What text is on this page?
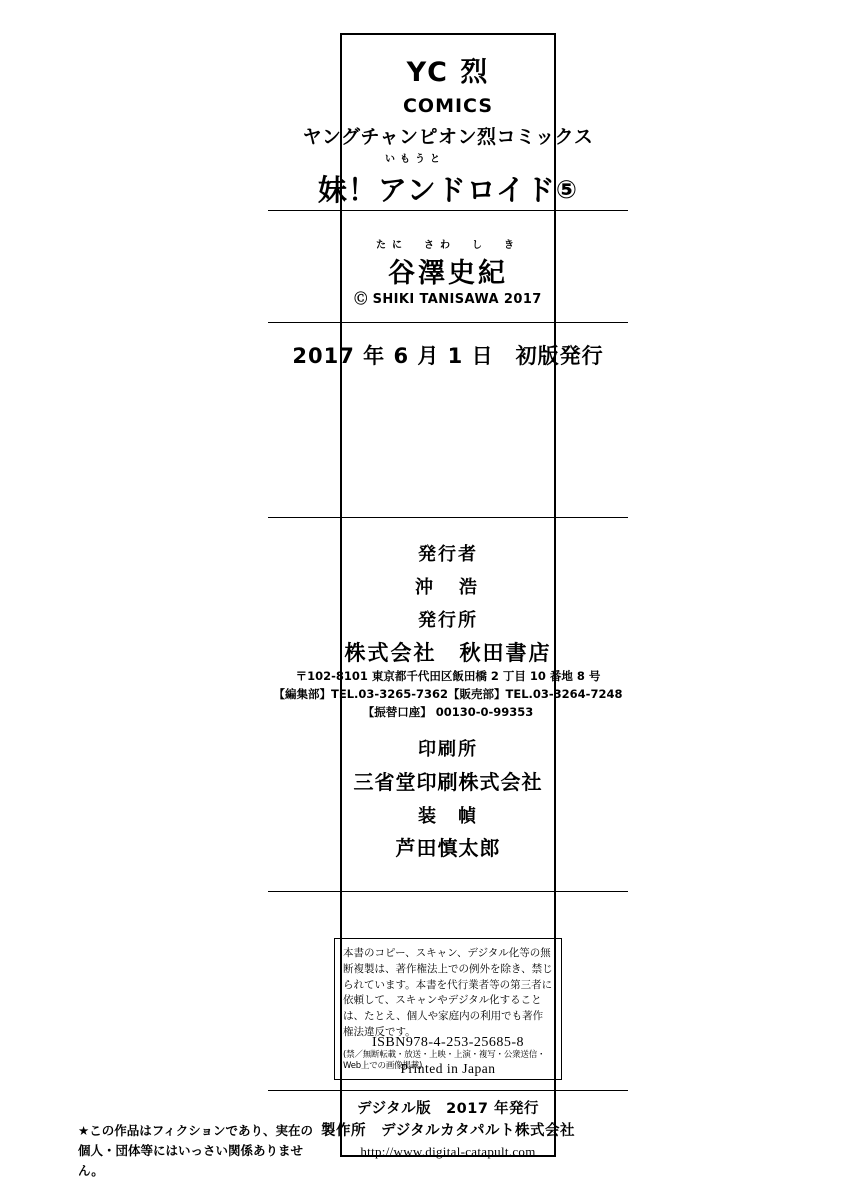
YC 烈
COMICS
ヤングチャンピオン烈コミックス
いもうと
妹！アンドロイド⑤
たに　さわ　し　き
谷澤史紀
Ⓒ SHIKI TANISAWA 2017
2017 年 6 月 1 日　初版発行
発行者
沖　浩
発行所
株式会社　秋田書店
〒102-8101 東京都千代田区飯田橋 2 丁目 10 番地 8 号
【編集部】TEL.03-3265-7362【販売部】TEL.03-3264-7248
【振替口座】 00130-0-99353
印刷所
三省堂印刷株式会社
装　幀
芦田慎太郎
本書のコピー、スキャン、デジタル化等の無断複製は、著作権法上での例外を除き、禁じられています。本書を代行業者等の第三者に依頼して、スキャンやデジタル化することは、たとえ、個人や家庭内の利用でも著作権法違反です。
(禁／無断転載・放送・上映・上演・複写・公衆送信・Web上での画像掲載)
ISBN978-4-253-25685-8
Printed in Japan
デジタル版　2017 年発行
製作所　デジタルカタパルト株式会社
http://www.digital-catapult.com
★この作品はフィクションであり、実在の
個人・団体等にはいっさい関係ありません。
